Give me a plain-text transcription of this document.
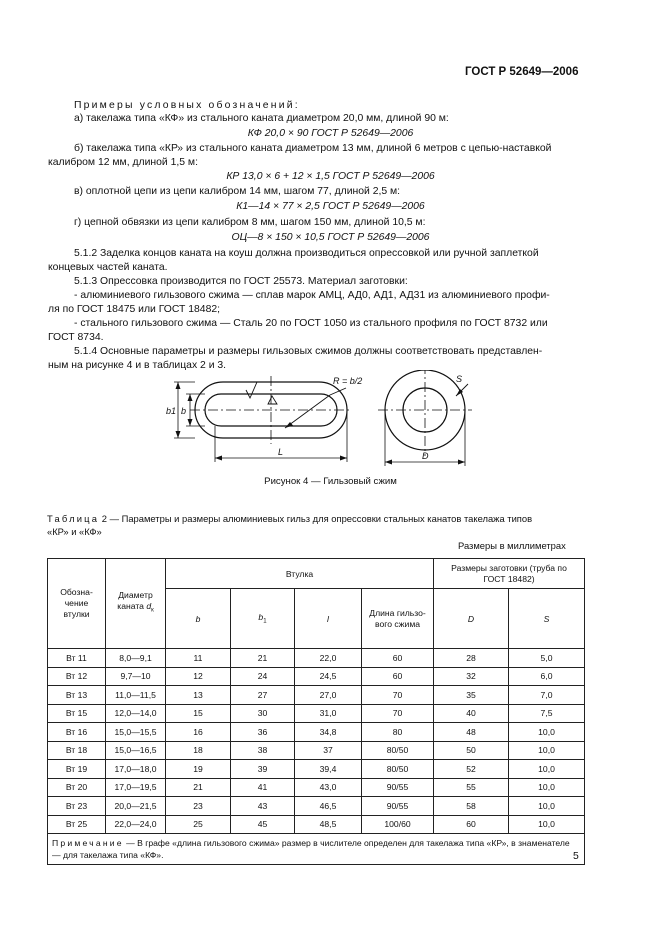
ГОСТ Р 52649—2006
Примеры условных обозначений:
а) такелажа типа «КФ» из стального каната диаметром 20,0 мм, длиной 90 м:
КФ 20,0 × 90 ГОСТ Р 52649—2006
б) такелажа типа «КР» из стального каната диаметром 13 мм, длиной 6 метров с цепью-наставкой
калибром 12 мм, длиной 1,5 м:
КР 13,0 × 6 + 12 × 1,5 ГОСТ Р 52649—2006
в) оплотной цепи из цепи калибром 14 мм, шагом 77, длиной 2,5 м:
К1—14 × 77 × 2,5 ГОСТ Р 52649—2006
г) цепной обвязки из цепи калибром 8 мм, шагом 150 мм, длиной 10,5 м:
ОЦ—8 × 150 × 10,5 ГОСТ Р 52649—2006
5.1.2 Заделка концов каната на коуш должна производиться опрессовкой или ручной заплеткой
концевых частей каната.
5.1.3 Опрессовка производится по ГОСТ 25573. Материал заготовки:
- алюминиевого гильзового сжима — сплав марок АМЦ, АД0, АД1, АД31 из алюминиевого профи-
ля по ГОСТ 18475 или ГОСТ 18482;
- стального гильзового сжима — Сталь 20 по ГОСТ 1050 из стального профиля по ГОСТ 8732 или
ГОСТ 8734.
5.1.4 Основные параметры и размеры гильзовых сжимов должны соответствовать представлен-
ным на рисунке 4 и в таблицах 2 и 3.
R = b/2
b1 b
L
S
D
Рисунок 4 — Гильзовый сжим
Таблица 2 — Параметры и размеры алюминиевых гильз для опрессовки стальных канатов такелажа типов
«КР» и «КФ»
Размеры в миллиметрах
Обозна-чение втулки	Диаметр каната $d_к$	Втулка				Размеры заготовки (труба по ГОСТ 18482)	
		b	$b_1$	l	Длина гильзо-вого сжима	D	S
Вт 11	8,0—9,1	11	21	22,0	60	28	5,0
Вт 12	9,7—10	12	24	24,5	60	32	6,0
Вт 13	11,0—11,5	13	27	27,0	70	35	7,0
Вт 15	12,0—14,0	15	30	31,0	70	40	7,5
Вт 16	15,0—15,5	16	36	34,8	80	48	10,0
Вт 18	15,0—16,5	18	38	37	80/50	50	10,0
Вт 19	17,0—18,0	19	39	39,4	80/50	52	10,0
Вт 20	17,0—19,5	21	41	43,0	90/55	55	10,0
Вт 23	20,0—21,5	23	43	46,5	90/55	58	10,0
Вт 25	22,0—24,0	25	45	48,5	100/60	60	10,0
Примечание — В графе «длина гильзового сжима» размер в числителе определен для такелажа типа «КР», в знаменателе — для такелажа типа «КФ».								5
